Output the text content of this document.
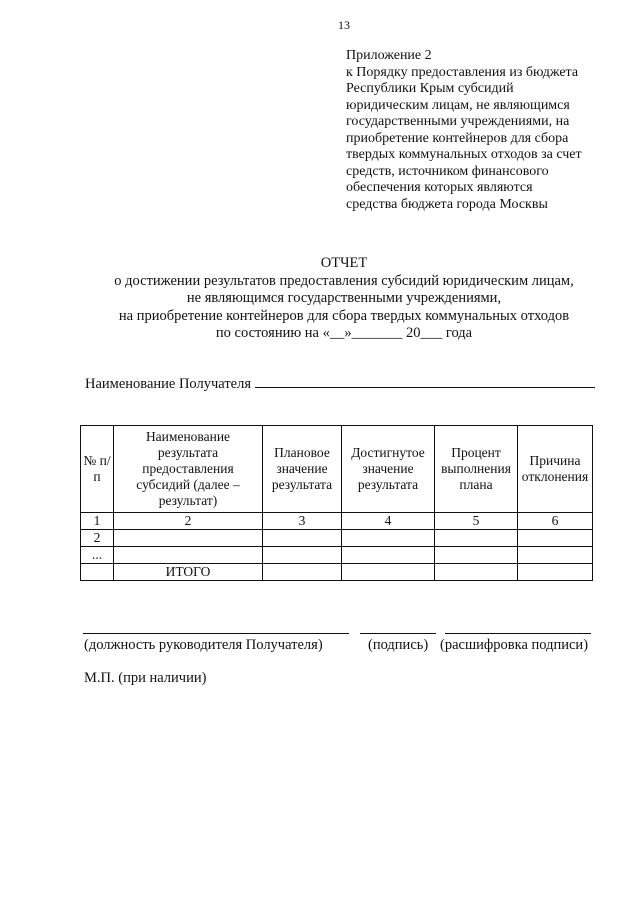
13
Приложение 2
к Порядку предоставления из бюджета
Республики Крым субсидий
юридическим лицам, не являющимся
государственными учреждениями, на
приобретение контейнеров для сбора
твердых коммунальных отходов за счет
средств, источником финансового
обеспечения которых являются
средства бюджета города Москвы
ОТЧЕТ
о достижении результатов предоставления субсидий юридическим лицам,
не являющимся государственными учреждениями,
на приобретение контейнеров для сбора твердых коммунальных отходов
по состоянию на «__»_______ 20___ года
Наименование Получателя
№ п/п	Наименование результата предоставления субсидий (далее – результат)	Плановое значение результата	Достигнутое значение результата	Процент выполнения плана	Причина отклонения
1	2	3	4	5	6
2					
...					
	ИТОГО				
(должность руководителя Получателя)	(подпись) (расшифровка подписи)
М.П. (при наличии)
